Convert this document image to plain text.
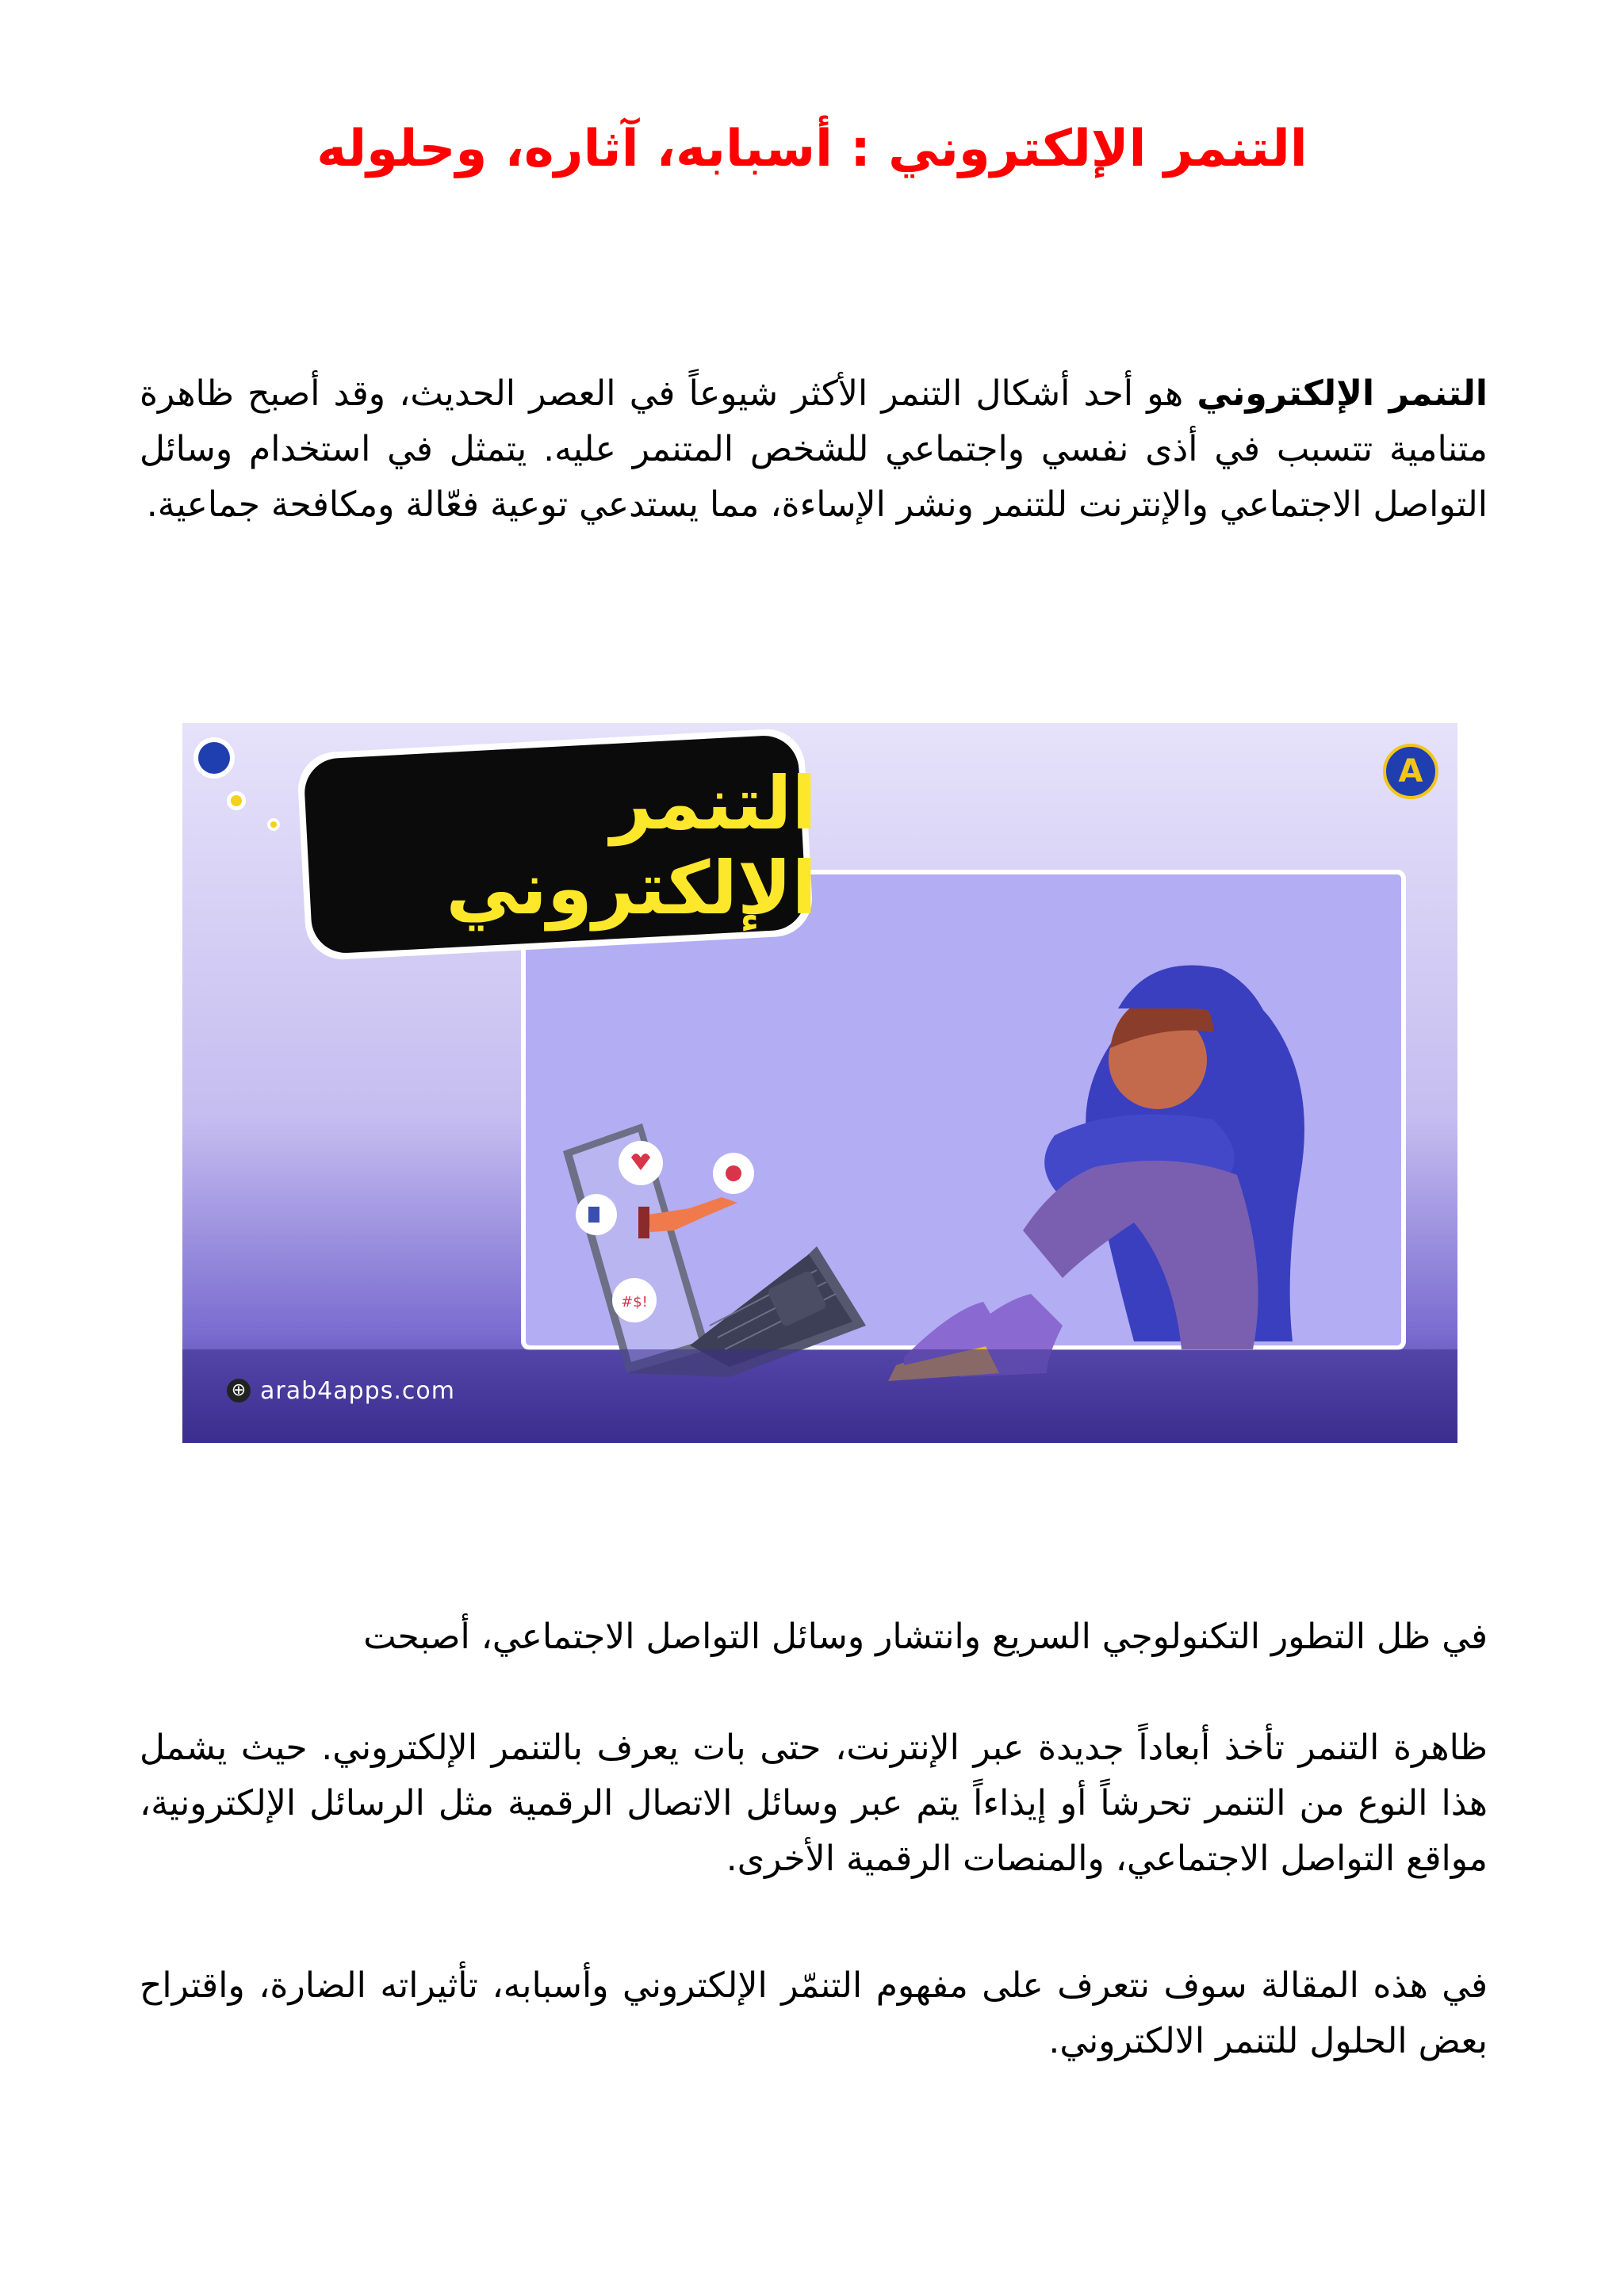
التنمر الإلكتروني : أسبابه، آثاره، وحلوله

التنمر الإلكتروني هو أحد أشكال التنمر الأكثر شيوعاً في العصر الحديث، وقد أصبح ظاهرة متنامية تتسبب في أذى نفسي واجتماعي للشخص المتنمر عليه. يتمثل في استخدام وسائل التواصل الاجتماعي والإنترنت للتنمر ونشر الإساءة، مما يستدعي توعية فعّالة ومكافحة جماعية.

#$!
التنمر الإلكتروني
A
⊕ arab4apps.com

في ظل التطور التكنولوجي السريع وانتشار وسائل التواصل الاجتماعي، أصبحت

ظاهرة التنمر تأخذ أبعاداً جديدة عبر الإنترنت، حتى بات يعرف بالتنمر الإلكتروني. حيث يشمل هذا النوع من التنمر تحرشاً أو إيذاءاً يتم عبر وسائل الاتصال الرقمية مثل الرسائل الإلكترونية، مواقع التواصل الاجتماعي، والمنصات الرقمية الأخرى.

في هذه المقالة سوف نتعرف على مفهوم التنمّر الإلكتروني وأسبابه، تأثيراته الضارة، واقتراح بعض الحلول للتنمر الالكتروني.
